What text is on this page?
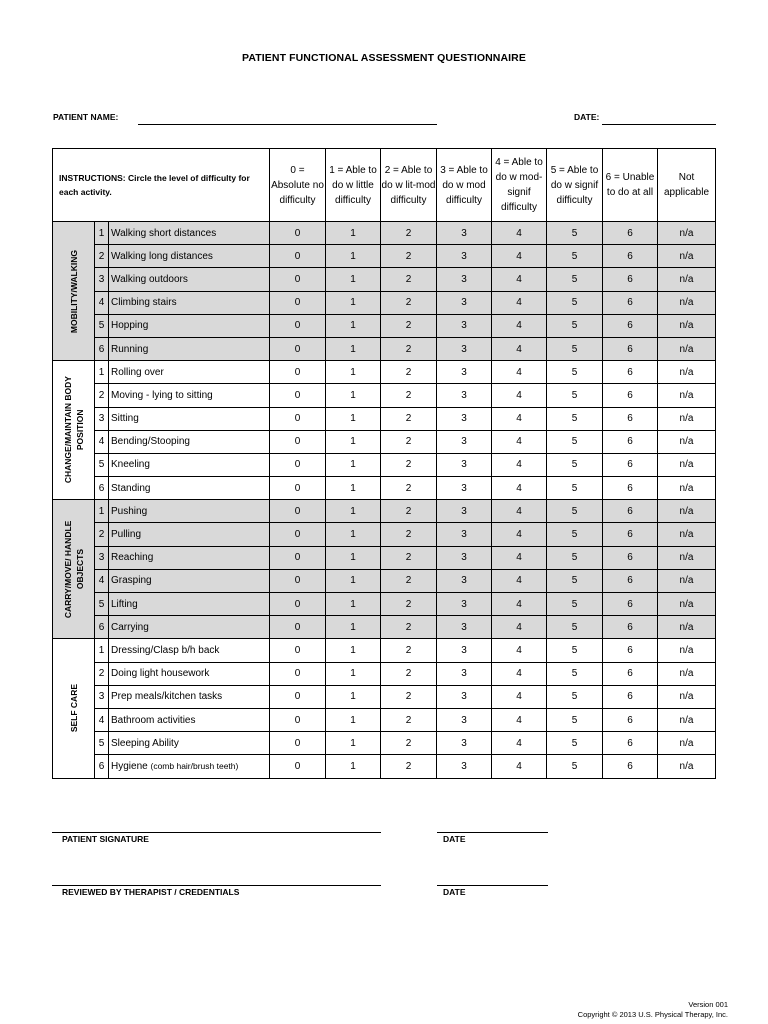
PATIENT FUNCTIONAL ASSESSMENT QUESTIONNAIRE
PATIENT NAME:	DATE:
INSTRUCTIONS: Circle the level of difficulty for each activity.			0 = Absolute no difficulty	1 = Able to do w little difficulty	2 = Able to do w lit-mod difficulty	3 = Able to do w mod difficulty	4 = Able to do w mod-signif difficulty	5 = Able to do w signif difficulty	6 = Unable to do at all	Not applicable

MOBILITY/WALKING	1	Walking short distances	0	1	2	3	4	5	6	n/a
	2	Walking long distances	0	1	2	3	4	5	6	n/a
	3	Walking outdoors	0	1	2	3	4	5	6	n/a
	4	Climbing stairs	0	1	2	3	4	5	6	n/a
	5	Hopping	0	1	2	3	4	5	6	n/a
	6	Running	0	1	2	3	4	5	6	n/a

CHANGE/MAINTAIN BODY POSITION	1	Rolling over	0	1	2	3	4	5	6	n/a
	2	Moving - lying to sitting	0	1	2	3	4	5	6	n/a
	3	Sitting	0	1	2	3	4	5	6	n/a
	4	Bending/Stooping	0	1	2	3	4	5	6	n/a
	5	Kneeling	0	1	2	3	4	5	6	n/a
	6	Standing	0	1	2	3	4	5	6	n/a

CARRY/MOVE/ HANDLE OBJECTS	1	Pushing	0	1	2	3	4	5	6	n/a
	2	Pulling	0	1	2	3	4	5	6	n/a
	3	Reaching	0	1	2	3	4	5	6	n/a
	4	Grasping	0	1	2	3	4	5	6	n/a
	5	Lifting	0	1	2	3	4	5	6	n/a
	6	Carrying	0	1	2	3	4	5	6	n/a

SELF CARE	1	Dressing/Clasp b/h back	0	1	2	3	4	5	6	n/a
	2	Doing light housework	0	1	2	3	4	5	6	n/a
	3	Prep meals/kitchen tasks	0	1	2	3	4	5	6	n/a
	4	Bathroom activities	0	1	2	3	4	5	6	n/a
	5	Sleeping Ability	0	1	2	3	4	5	6	n/a
	6	Hygiene (comb hair/brush teeth)	0	1	2	3	4	5	6	n/a
PATIENT SIGNATURE	DATE
REVIEWED BY THERAPIST / CREDENTIALS	DATE
Version 001
Copyright © 2013 U.S. Physical Therapy, Inc.
